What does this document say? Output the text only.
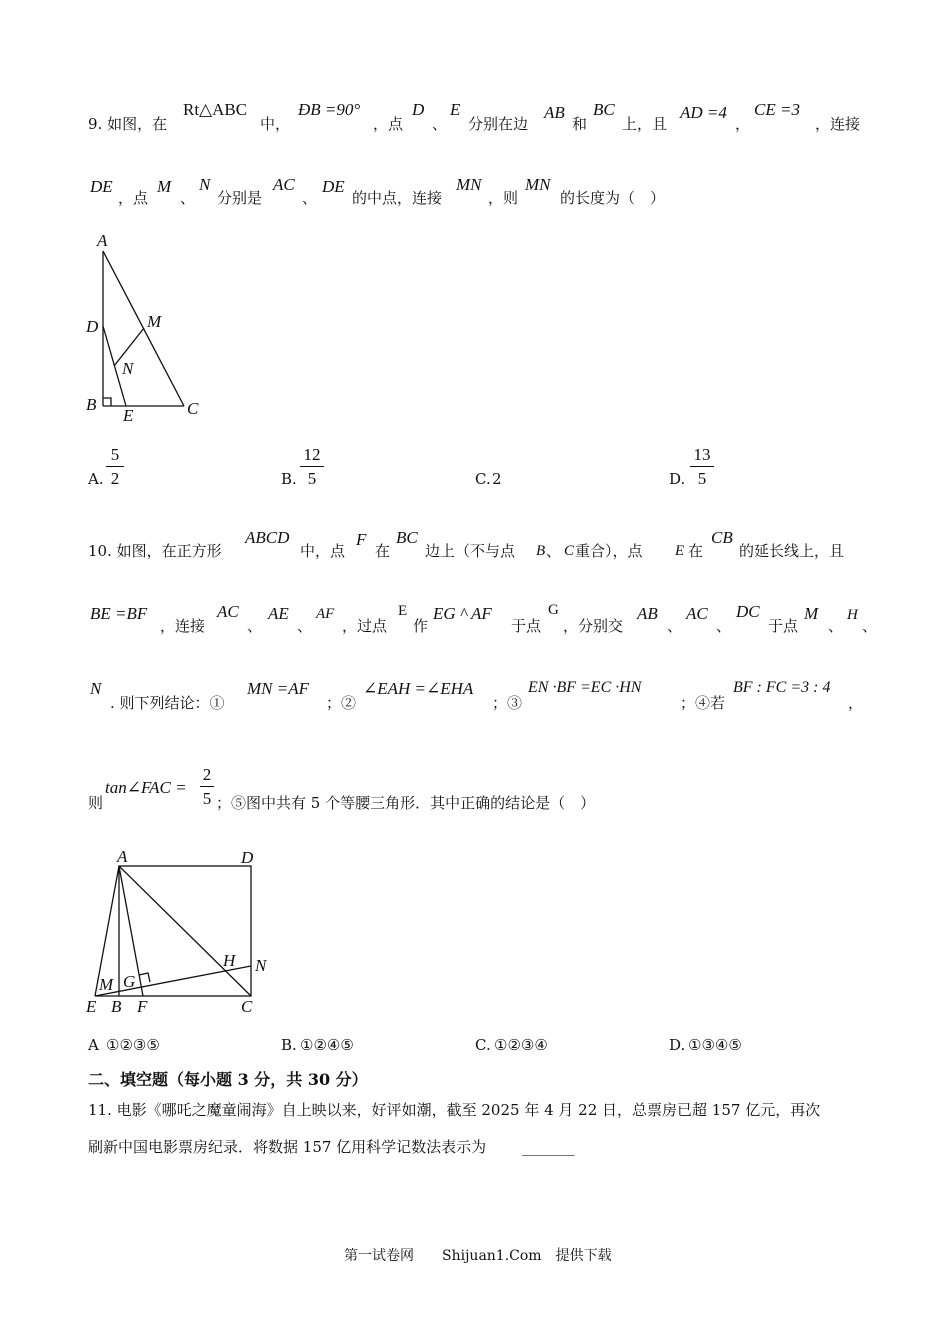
9. 如图，在
Rt△ABC
中，
ÐB =90°
，点
D
、
E
分别在边
AB
和
BC
上，且
AD =4
，
CE =3
，连接
DE
，点
M
、
N
分别是
AC
、
DE
的中点，连接
MN
，则
MN
的长度为（　）
A
D	M
N
B
E	C
A.
5
2	B.
12
5	C. 2	D.
13
5
10. 如图，在正方形
ABCD
中，点
F
在
BC
边上（不与点 B 、 C 重合），点 E 在
CB
的延长线上，且
BE =BF
，连接
AC
、
AE
、
AF
，过点
E
作
EG ^ AF
于点
G
，分别交
AB
、
AC
、
DC
于点
M
、
H
、
N
. 则下列结论：①
MN =AF
；②
∠EAH =∠EHA
；③
EN ·BF =EC ·HN
；④若
BF : FC =3 : 4
，
则
tan∠FAC =
2
5 ；⑤图中共有 5 个等腰三角形．其中正确的结论是（　）
A	D
H N
M G
E B F	C
A ①②③⑤	B. ①②④⑤	C. ①②③④	D. ①③④⑤
二、填空题（每小题 3 分，共 30 分）
11. 电影《哪吒之魔童闹海》自上映以来，好评如潮，截至 2025 年 4 月 22 日，总票房已超 157 亿元，再次
刷新中国电影票房纪录．将数据 157 亿用科学记数法表示为 _______
第一试卷网　　Shijuan1.Com　提供下载
